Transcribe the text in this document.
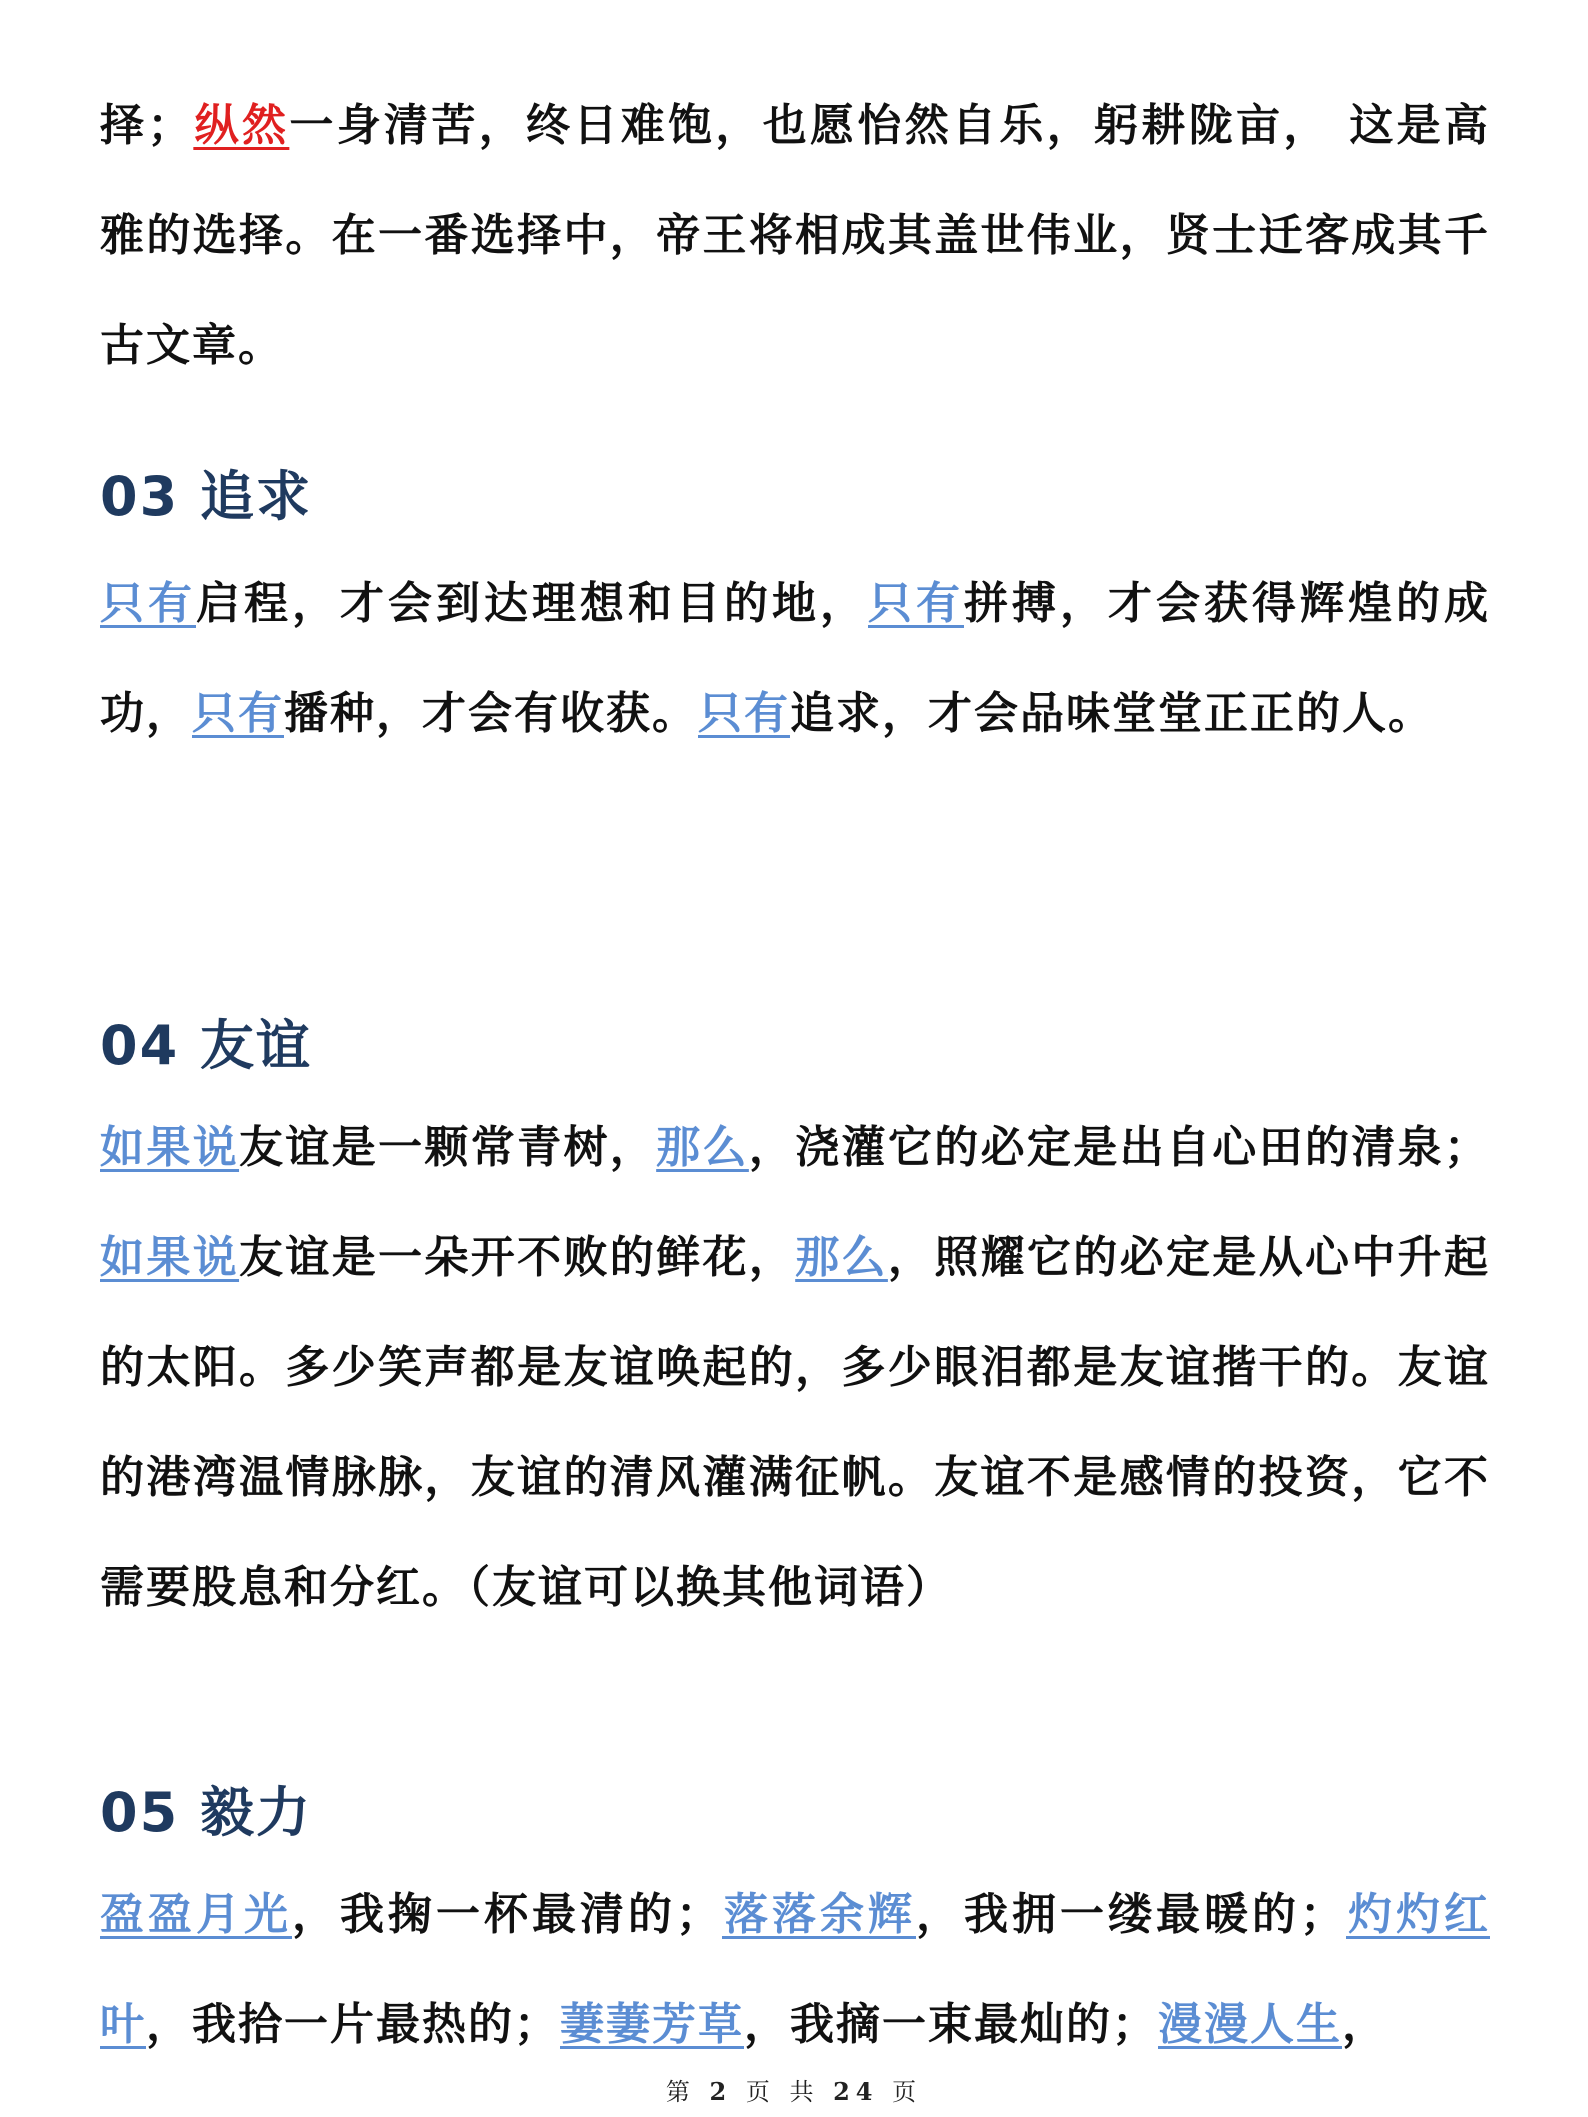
择；纵然一身清苦，终日难饱，也愿怡然自乐，躬耕陇亩， 这是高雅的选择。在一番选择中，帝王将相成其盖世伟业，贤士迁客成其千古文章。

03 追求

只有启程，才会到达理想和目的地，只有拼搏，才会获得辉煌的成功，只有播种，才会有收获。只有追求，才会品味堂堂正正的人。

04 友谊

如果说友谊是一颗常青树，那么，浇灌它的必定是出自心田的清泉；如果说友谊是一朵开不败的鲜花，那么，照耀它的必定是从心中升起的太阳。多少笑声都是友谊唤起的，多少眼泪都是友谊揩干的。友谊的港湾温情脉脉，友谊的清风灌满征帆。友谊不是感情的投资，它不需要股息和分红。（友谊可以换其他词语）

05 毅力

盈盈月光，我掬一杯最清的；落落余辉，我拥一缕最暖的；灼灼红叶，我拾一片最热的；萋萋芳草，我摘一束最灿的；漫漫人生，

第 2 页 共 24 页
